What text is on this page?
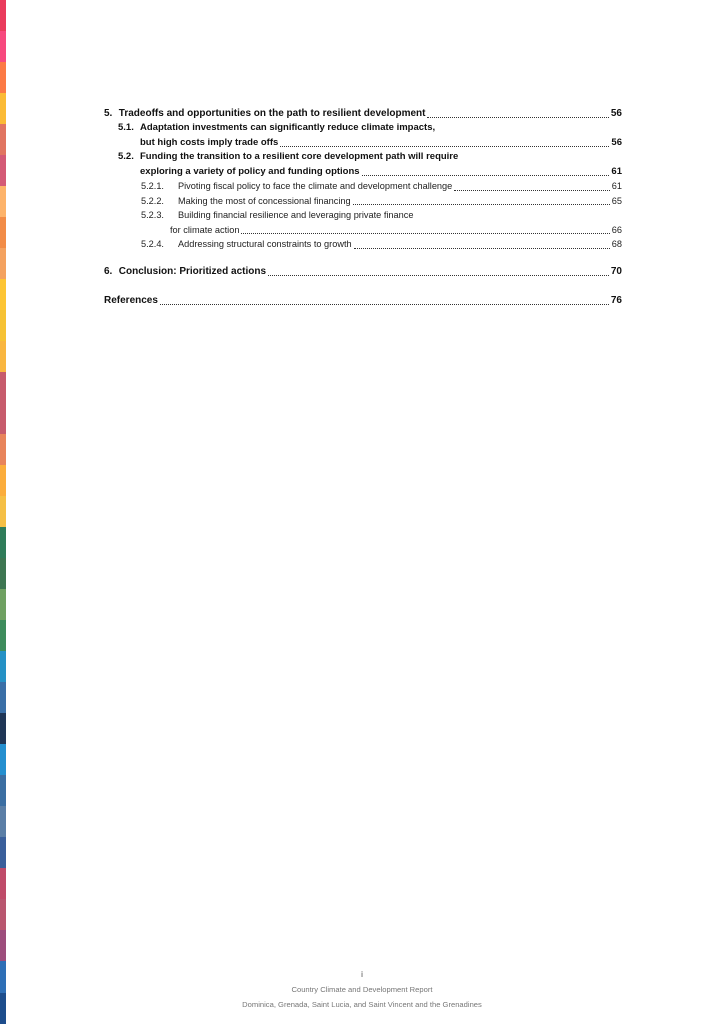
5. Tradeoffs and opportunities on the path to resilient development	56
5.1. Adaptation investments can significantly reduce climate impacts,
but high costs imply trade offs	56
5.2. Funding the transition to a resilient core development path will require
exploring a variety of policy and funding options	61
5.2.1. Pivoting fiscal policy to face the climate and development challenge	61
5.2.2. Making the most of concessional financing	65
5.2.3. Building financial resilience and leveraging private finance
for climate action	66
5.2.4. Addressing structural constraints to growth	68
6. Conclusion: Prioritized actions	70
References	76
i
Country Climate and Development Report
Dominica, Grenada, Saint Lucia, and Saint Vincent and the Grenadines
